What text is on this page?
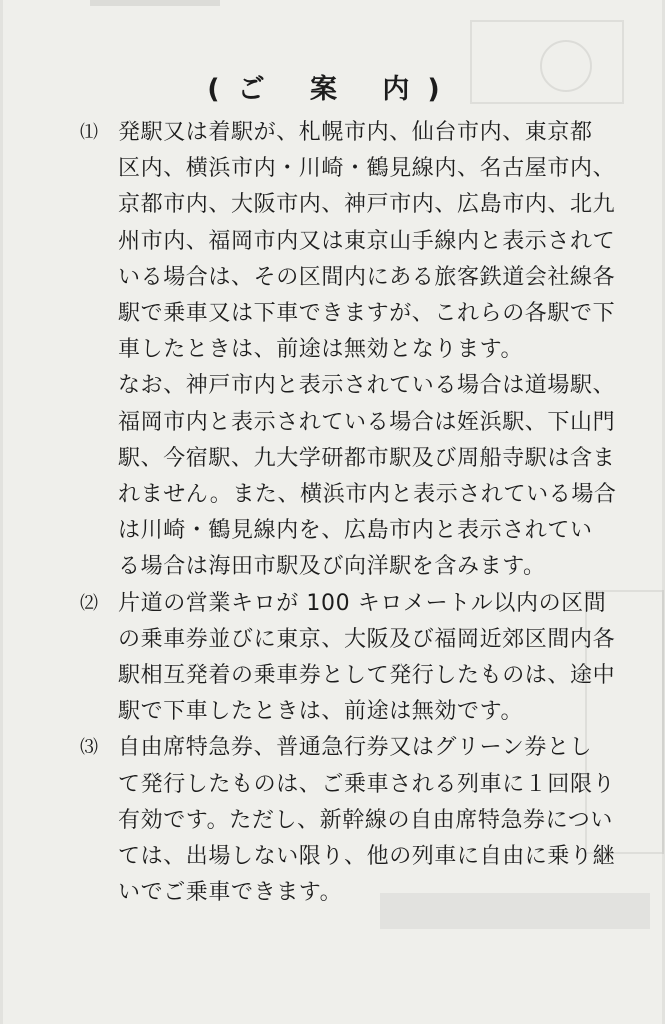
(ご 案 内)
⑴ 発駅又は着駅が、札幌市内、仙台市内、東京都
区内、横浜市内・川崎・鶴見線内、名古屋市内、
京都市内、大阪市内、神戸市内、広島市内、北九
州市内、福岡市内又は東京山手線内と表示されて
いる場合は、その区間内にある旅客鉄道会社線各
駅で乗車又は下車できますが、これらの各駅で下
車したときは、前途は無効となります。

なお、神戸市内と表示されている場合は道場駅、
福岡市内と表示されている場合は姪浜駅、下山門
駅、今宿駅、九大学研都市駅及び周船寺駅は含ま
れません。また、横浜市内と表示されている場合
は川崎・鶴見線内を、広島市内と表示されてい
る場合は海田市駅及び向洋駅を含みます。

⑵ 片道の営業キロが 100 キロメートル以内の区間
の乗車券並びに東京、大阪及び福岡近郊区間内各
駅相互発着の乗車券として発行したものは、途中
駅で下車したときは、前途は無効です。

⑶ 自由席特急券、普通急行券又はグリーン券とし
て発行したものは、ご乗車される列車に１回限り
有効です。ただし、新幹線の自由席特急券につい
ては、出場しない限り、他の列車に自由に乗り継
いでご乗車できます。
